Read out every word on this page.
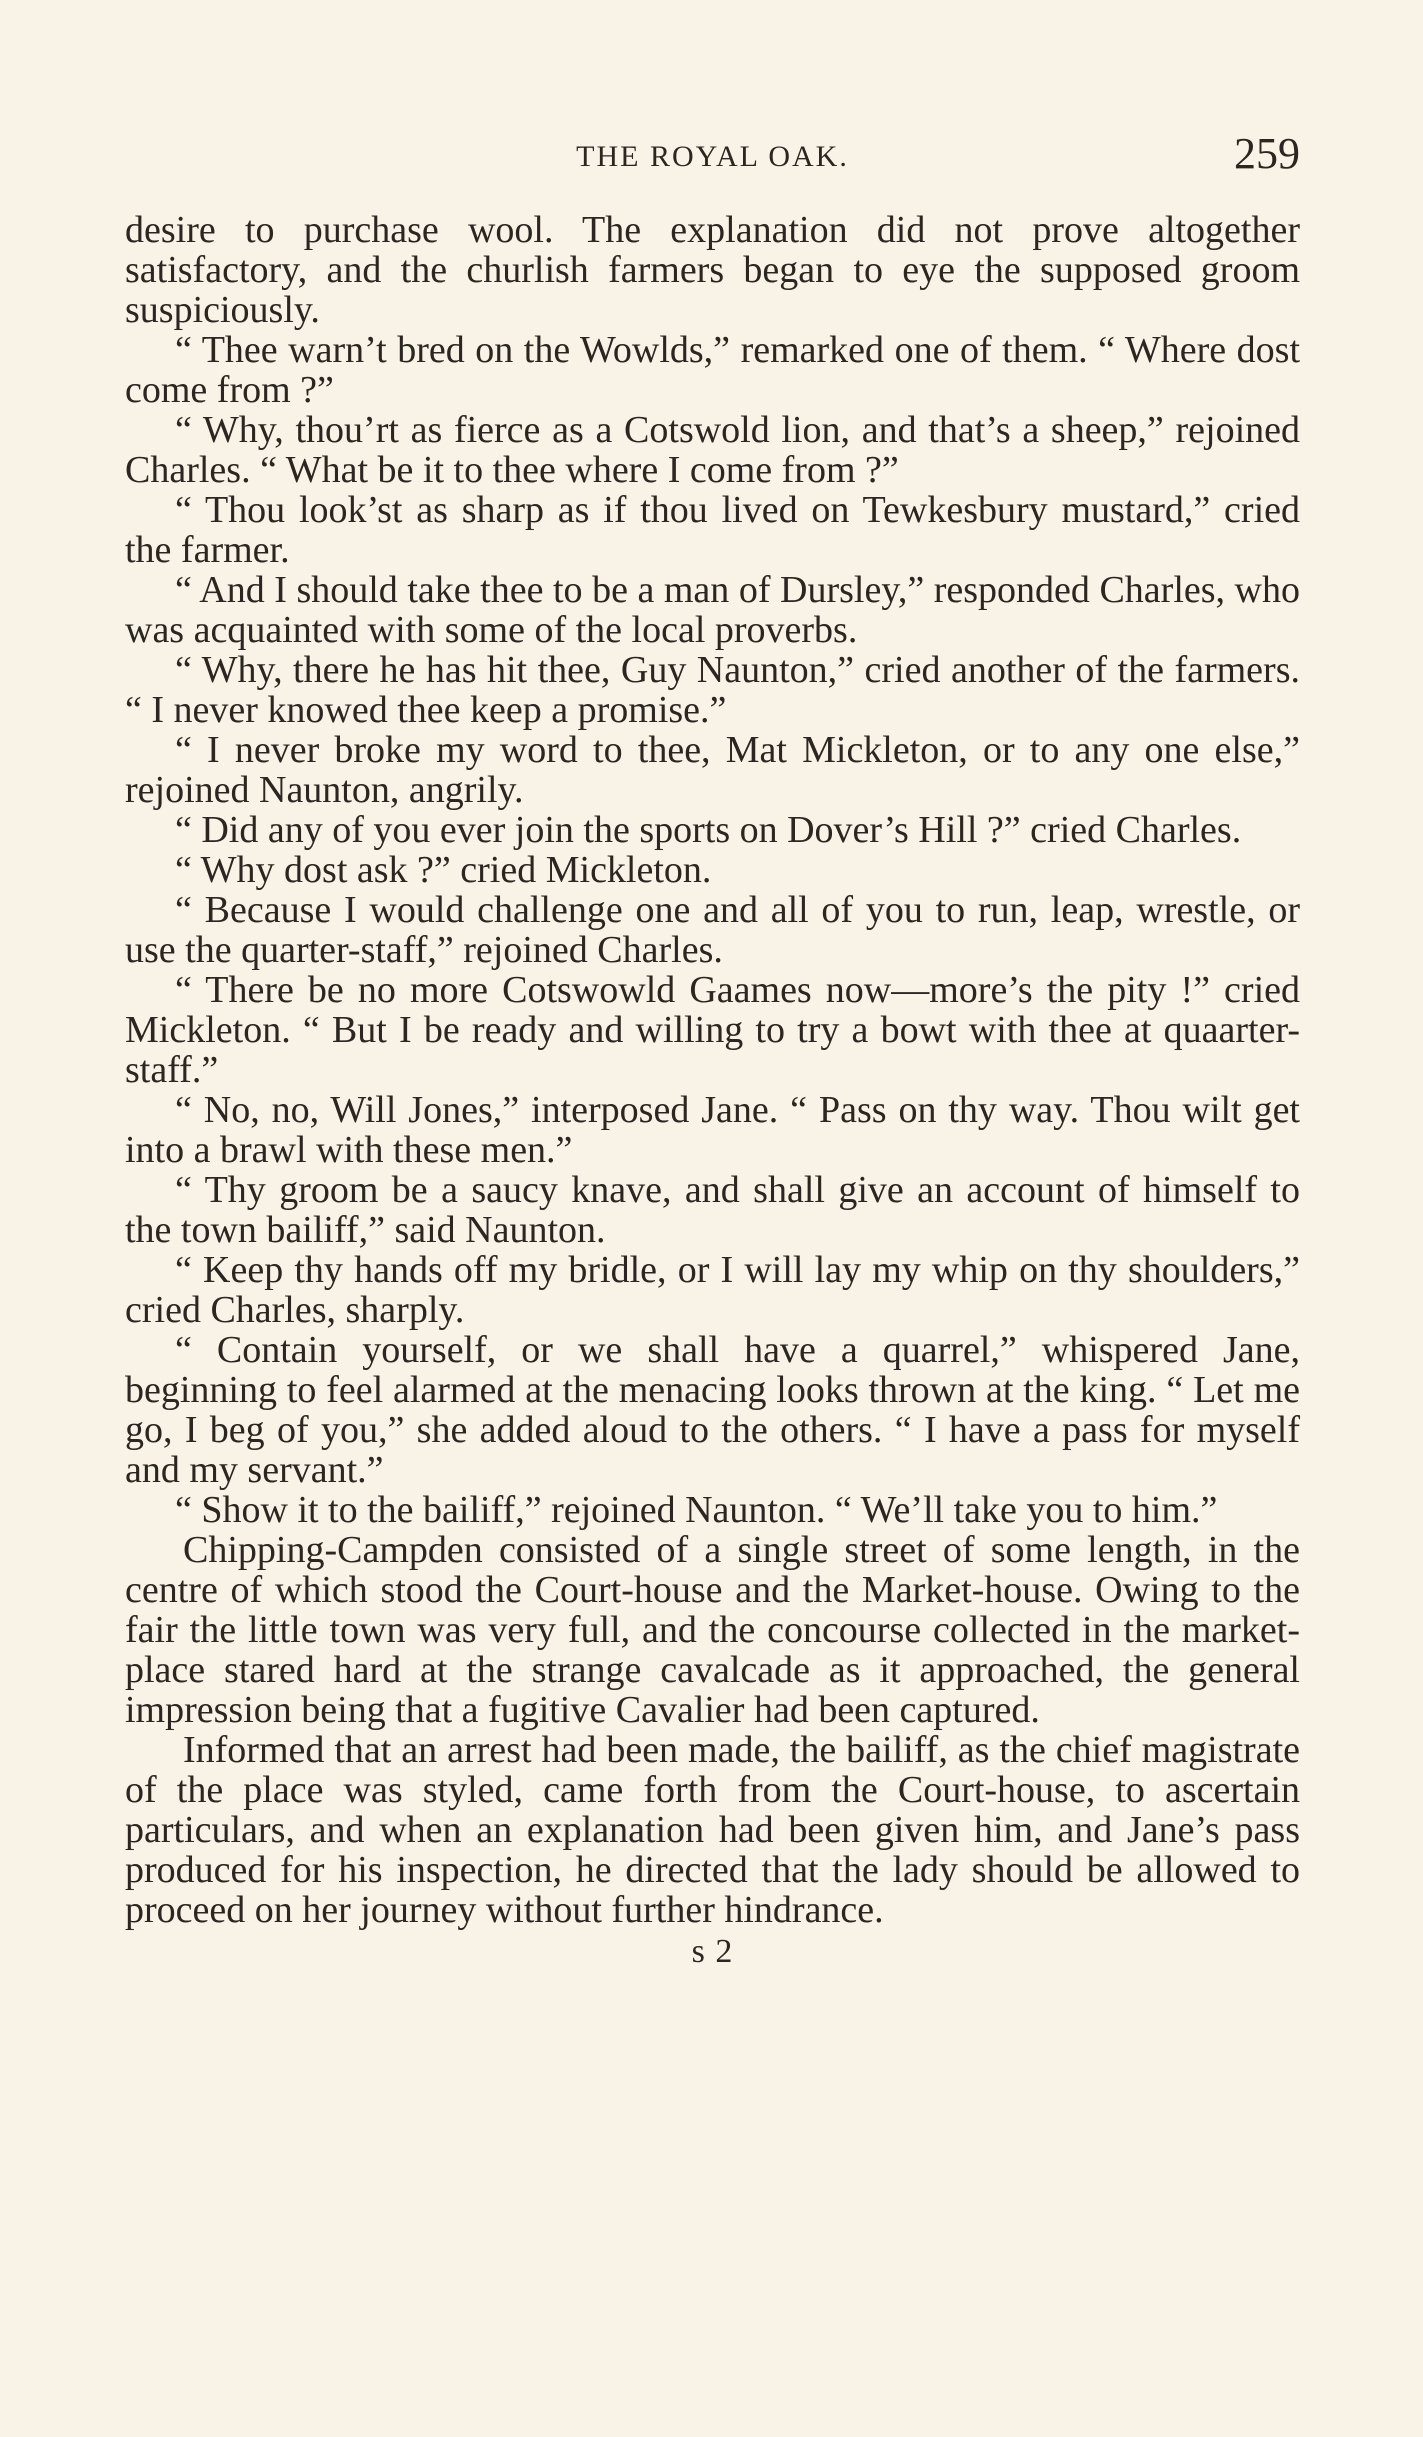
THE ROYAL OAK.	259

desire to purchase wool. The explanation did not prove altogether satisfactory, and the churlish farmers began to eye the supposed groom suspiciously.

“ Thee warn’t bred on the Wowlds,” remarked one of them. “ Where dost come from ?”

“ Why, thou’rt as fierce as a Cotswold lion, and that’s a sheep,” rejoined Charles. “ What be it to thee where I come from ?”

“ Thou look’st as sharp as if thou lived on Tewkesbury mustard,” cried the farmer.

“ And I should take thee to be a man of Dursley,” responded Charles, who was acquainted with some of the local proverbs.

“ Why, there he has hit thee, Guy Naunton,” cried another of the farmers. “ I never knowed thee keep a promise.”

“ I never broke my word to thee, Mat Mickleton, or to any one else,” rejoined Naunton, angrily.

“ Did any of you ever join the sports on Dover’s Hill ?” cried Charles.

“ Why dost ask ?” cried Mickleton.

“ Because I would challenge one and all of you to run, leap, wrestle, or use the quarter-staff,” rejoined Charles.

“ There be no more Cotswowld Gaames now—more’s the pity !” cried Mickleton. “ But I be ready and willing to try a bowt with thee at quaarter-staff.”

“ No, no, Will Jones,” interposed Jane. “ Pass on thy way. Thou wilt get into a brawl with these men.”

“ Thy groom be a saucy knave, and shall give an account of himself to the town bailiff,” said Naunton.

“ Keep thy hands off my bridle, or I will lay my whip on thy shoulders,” cried Charles, sharply.

“ Contain yourself, or we shall have a quarrel,” whispered Jane, beginning to feel alarmed at the menacing looks thrown at the king. “ Let me go, I beg of you,” she added aloud to the others. “ I have a pass for myself and my servant.”

“ Show it to the bailiff,” rejoined Naunton. “ We’ll take you to him.”

Chipping-Campden consisted of a single street of some length, in the centre of which stood the Court-house and the Market-house. Owing to the fair the little town was very full, and the concourse collected in the market-place stared hard at the strange cavalcade as it approached, the general impression being that a fugitive Cavalier had been captured.

Informed that an arrest had been made, the bailiff, as the chief magistrate of the place was styled, came forth from the Court-house, to ascertain particulars, and when an explanation had been given him, and Jane’s pass produced for his inspection, he directed that the lady should be allowed to proceed on her journey without further hindrance.

s 2
